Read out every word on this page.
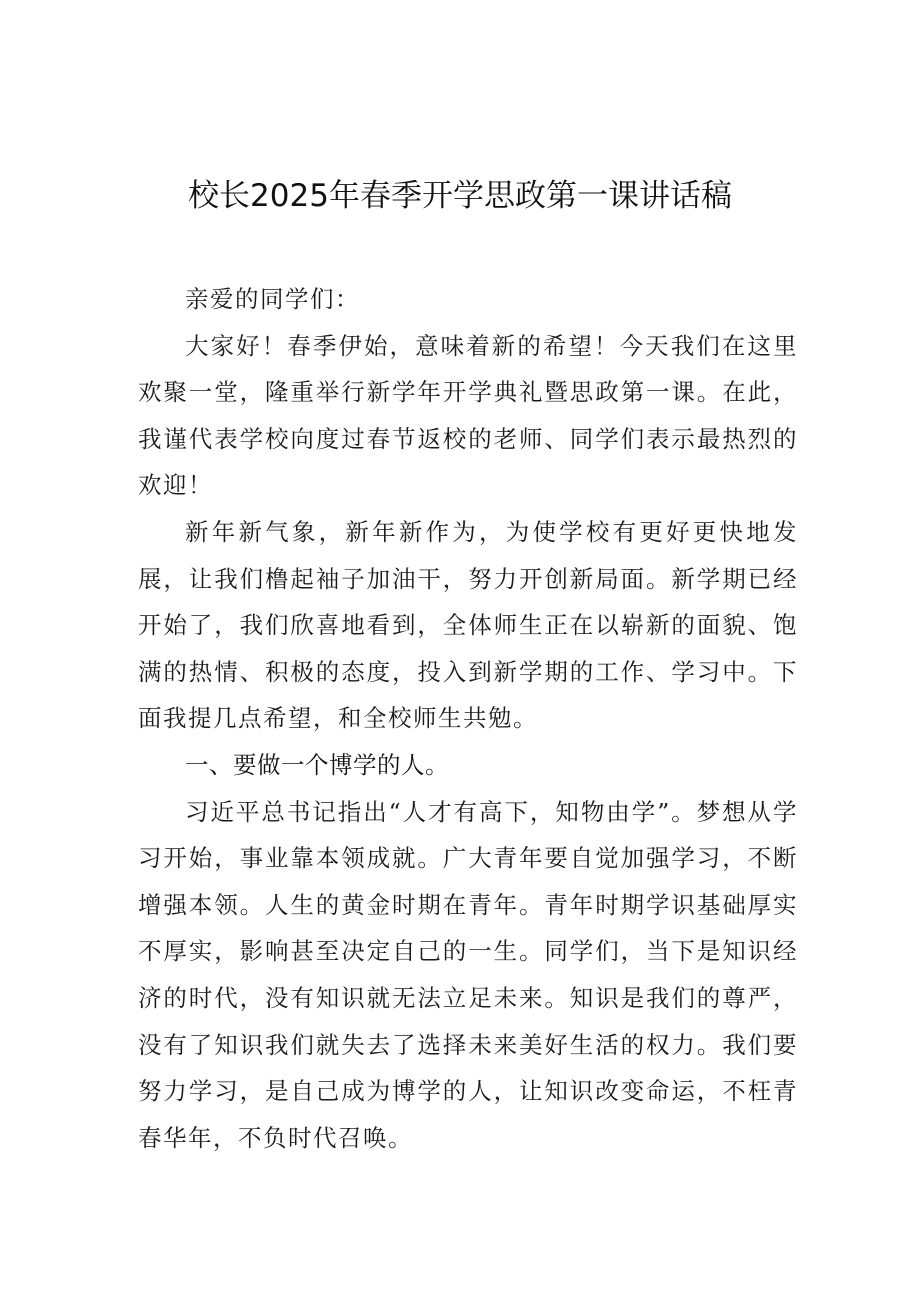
校长2025年春季开学思政第一课讲话稿

亲爱的同学们：

大家好！春季伊始，意味着新的希望！今天我们在这里欢聚一堂，隆重举行新学年开学典礼暨思政第一课。在此，我谨代表学校向度过春节返校的老师、同学们表示最热烈的欢迎！

新年新气象，新年新作为，为使学校有更好更快地发展，让我们橹起袖子加油干，努力开创新局面。新学期已经开始了，我们欣喜地看到，全体师生正在以崭新的面貌、饱满的热情、积极的态度，投入到新学期的工作、学习中。下面我提几点希望，和全校师生共勉。

一、要做一个博学的人。

习近平总书记指出“人才有高下，知物由学”。梦想从学习开始，事业靠本领成就。广大青年要自觉加强学习，不断增强本领。人生的黄金时期在青年。青年时期学识基础厚实不厚实，影响甚至决定自己的一生。同学们，当下是知识经济的时代，没有知识就无法立足未来。知识是我们的尊严，没有了知识我们就失去了选择未来美好生活的权力。我们要努力学习，是自己成为博学的人，让知识改变命运，不枉青春华年，不负时代召唤。
